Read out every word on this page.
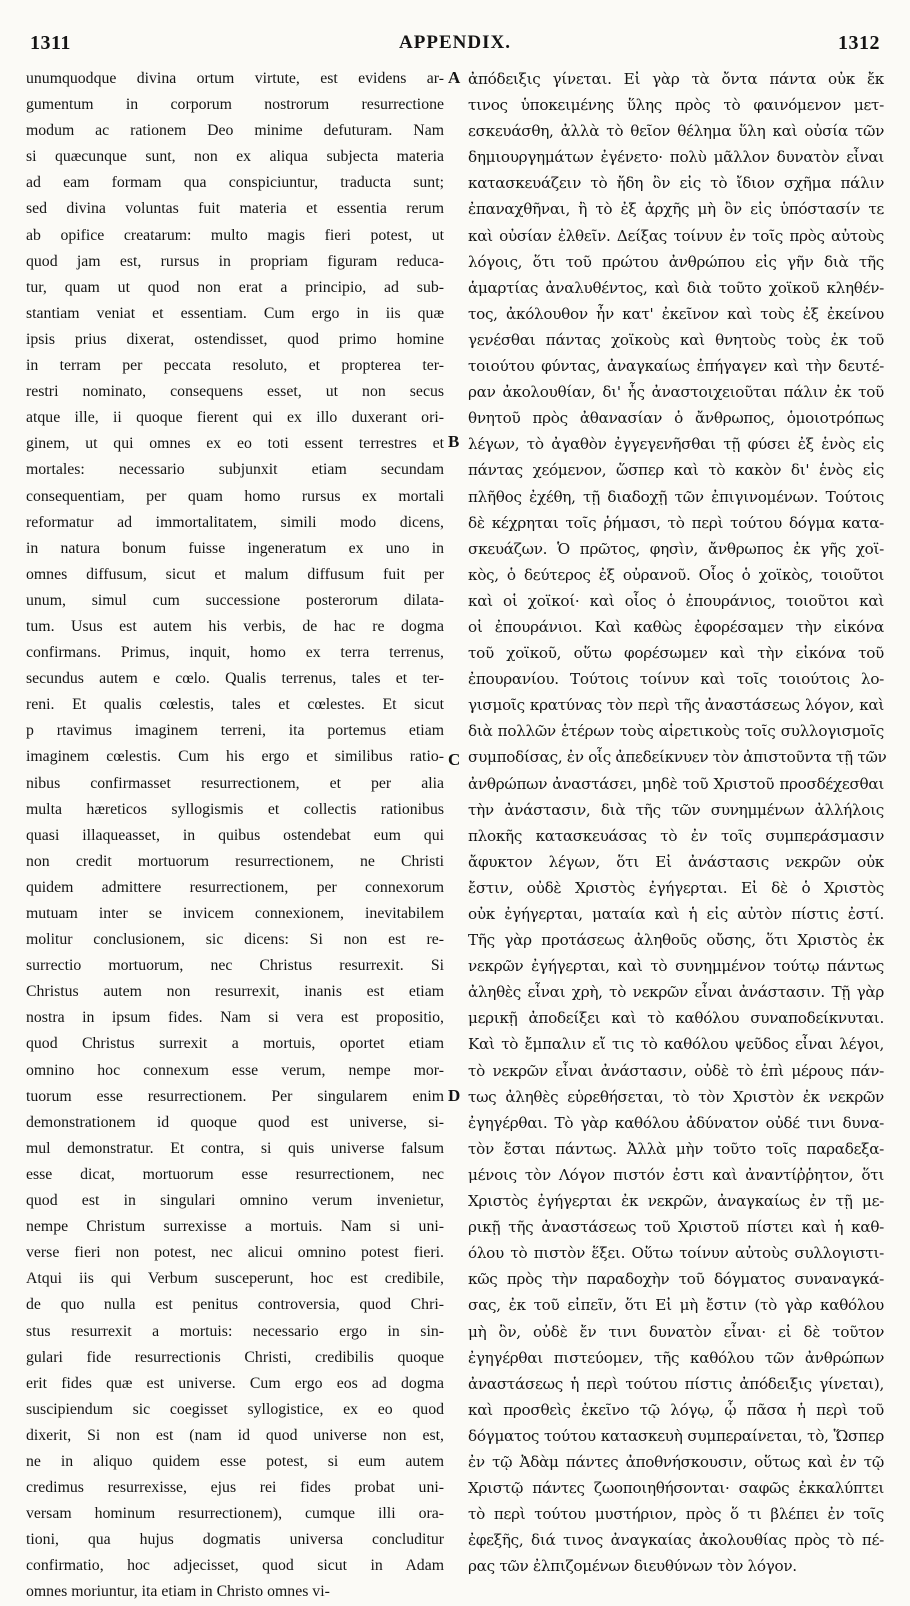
1311	APPENDIX.	1312
unumquodque divina ortum virtute, est evidens ar-
gumentum in corporum nostrorum resurrectione
modum ac rationem Deo minime defuturam. Nam
si quæcunque sunt, non ex aliqua subjecta materia
ad eam formam qua conspiciuntur, traducta sunt;
sed divina voluntas fuit materia et essentia rerum
ab opifice creatarum: multo magis fieri potest, ut
quod jam est, rursus in propriam figuram reduca-
tur, quam ut quod non erat a principio, ad sub-
stantiam veniat et essentiam. Cum ergo in iis quæ
ipsis prius dixerat, ostendisset, quod primo homine
in terram per peccata resoluto, et propterea ter-
restri nominato, consequens esset, ut non secus
atque ille, ii quoque fierent qui ex illo duxerant ori-
ginem, ut qui omnes ex eo toti essent terrestres et
mortales: necessario subjunxit etiam secundam
consequentiam, per quam homo rursus ex mortali
reformatur ad immortalitatem, simili modo dicens,
in natura bonum fuisse ingeneratum ex uno in
omnes diffusum, sicut et malum diffusum fuit per
unum, simul cum successione posterorum dilata-
tum. Usus est autem his verbis, de hac re dogma
confirmans. Primus, inquit, homo ex terra terrenus,
secundus autem e cœlo. Qualis terrenus, tales et ter-
reni. Et qualis cœlestis, tales et cœlestes. Et sicut
p rtavimus imaginem terreni, ita portemus etiam
imaginem cœlestis. Cum his ergo et similibus ratio-
nibus confirmasset resurrectionem, et per alia
multa hæreticos syllogismis et collectis rationibus
quasi illaqueasset, in quibus ostendebat eum qui
non credit mortuorum resurrectionem, ne Christi
quidem admittere resurrectionem, per connexorum
mutuam inter se invicem connexionem, inevitabilem
molitur conclusionem, sic dicens: Si non est re-
surrectio mortuorum, nec Christus resurrexit. Si
Christus autem non resurrexit, inanis est etiam
nostra in ipsum fides. Nam si vera est propositio,
quod Christus surrexit a mortuis, oportet etiam
omnino hoc connexum esse verum, nempe mor-
tuorum esse resurrectionem. Per singularem enim
demonstrationem id quoque quod est universe, si-
mul demonstratur. Et contra, si quis universe falsum
esse dicat, mortuorum esse resurrectionem, nec
quod est in singulari omnino verum invenietur,
nempe Christum surrexisse a mortuis. Nam si uni-
verse fieri non potest, nec alicui omnino potest fieri.
Atqui iis qui Verbum susceperunt, hoc est credibile,
de quo nulla est penitus controversia, quod Chri-
stus resurrexit a mortuis: necessario ergo in sin-
gulari fide resurrectionis Christi, credibilis quoque
erit fides quæ est universe. Cum ergo eos ad dogma
suscipiendum sic coegisset syllogistice, ex eo quod
dixerit, Si non est (nam id quod universe non est,
ne in aliquo quidem esse potest, si eum autem
credimus resurrexisse, ejus rei fides probat uni-
versam hominum resurrectionem), cumque illi ora-
tioni, qua hujus dogmatis universa concluditur
confirmatio, hoc adjecisset, quod sicut in Adam
omnes moriuntur, ita etiam in Christo omnes vi-
A
B
C
D
ἀπόδειξις γίνεται. Εἰ γὰρ τὰ ὄντα πάντα οὐκ ἔκ
τινος ὑποκειμένης ὕλης πρὸς τὸ φαινόμενον μετ-
εσκευάσθη, ἀλλὰ τὸ θεῖον θέλημα ὕλη καὶ οὐσία τῶν
δημιουργημάτων ἐγένετο· πολὺ μᾶλλον δυνατὸν εἶναι
κατασκευάζειν τὸ ἤδη ὂν εἰς τὸ ἴδιον σχῆμα πάλιν
ἐπαναχθῆναι, ἢ τὸ ἐξ ἀρχῆς μὴ ὂν εἰς ὑπόστασίν τε
καὶ οὐσίαν ἐλθεῖν. Δείξας τοίνυν ἐν τοῖς πρὸς αὐτοὺς
λόγοις, ὅτι τοῦ πρώτου ἀνθρώπου εἰς γῆν διὰ τῆς
ἁμαρτίας ἀναλυθέντος, καὶ διὰ τοῦτο χοϊκοῦ κληθέν-
τος, ἀκόλουθον ἦν κατ' ἐκεῖνον καὶ τοὺς ἐξ ἐκείνου
γενέσθαι πάντας χοϊκοὺς καὶ θνητοὺς τοὺς ἐκ τοῦ
τοιούτου φύντας, ἀναγκαίως ἐπήγαγεν καὶ τὴν δευτέ-
ραν ἀκολουθίαν, δι' ἧς ἀναστοιχειοῦται πάλιν ἐκ τοῦ
θνητοῦ πρὸς ἀθανασίαν ὁ ἄνθρωπος, ὁμοιοτρόπως
λέγων, τὸ ἀγαθὸν ἐγγεγενῆσθαι τῇ φύσει ἐξ ἑνὸς εἰς
πάντας χεόμενον, ὥσπερ καὶ τὸ κακὸν δι' ἑνὸς εἰς
πλῆθος ἐχέθη, τῇ διαδοχῇ τῶν ἐπιγινομένων. Τούτοις
δὲ κέχρηται τοῖς ῥήμασι, τὸ περὶ τούτου δόγμα κατα-
σκευάζων. Ὁ πρῶτος, φησὶν, ἄνθρωπος ἐκ γῆς χοϊ-
κὸς, ὁ δεύτερος ἐξ οὐρανοῦ. Οἷος ὁ χοϊκὸς, τοιοῦτοι
καὶ οἱ χοϊκοί· καὶ οἷος ὁ ἐπουράνιος, τοιοῦτοι καὶ
οἱ ἐπουράνιοι. Καὶ καθὼς ἐφορέσαμεν τὴν εἰκόνα
τοῦ χοϊκοῦ, οὕτω φορέσωμεν καὶ τὴν εἰκόνα τοῦ
ἐπουρανίου. Τούτοις τοίνυν καὶ τοῖς τοιούτοις λο-
γισμοῖς κρατύνας τὸν περὶ τῆς ἀναστάσεως λόγον, καὶ
διὰ πολλῶν ἑτέρων τοὺς αἱρετικοὺς τοῖς συλλογισμοῖς
συμποδίσας, ἐν οἷς ἀπεδείκνυεν τὸν ἀπιστοῦντα τῇ τῶν
ἀνθρώπων ἀναστάσει, μηδὲ τοῦ Χριστοῦ προσδέχεσθαι
τὴν ἀνάστασιν, διὰ τῆς τῶν συνημμένων ἀλλήλοις
πλοκῆς κατασκευάσας τὸ ἐν τοῖς συμπεράσμασιν
ἄφυκτον λέγων, ὅτι Εἰ ἀνάστασις νεκρῶν οὐκ
ἔστιν, οὐδὲ Χριστὸς ἐγήγερται. Εἰ δὲ ὁ Χριστὸς
οὐκ ἐγήγερται, ματαία καὶ ἡ εἰς αὐτὸν πίστις ἐστί.
Τῆς γὰρ προτάσεως ἀληθοῦς οὔσης, ὅτι Χριστὸς ἐκ
νεκρῶν ἐγήγερται, καὶ τὸ συνημμένον τούτῳ πάντως
ἀληθὲς εἶναι χρὴ, τὸ νεκρῶν εἶναι ἀνάστασιν. Τῇ γὰρ
μερικῇ ἀποδείξει καὶ τὸ καθόλου συναποδείκνυται.
Καὶ τὸ ἔμπαλιν εἴ τις τὸ καθόλου ψεῦδος εἶναι λέγοι,
τὸ νεκρῶν εἶναι ἀνάστασιν, οὐδὲ τὸ ἐπὶ μέρους πάν-
τως ἀληθὲς εὑρεθήσεται, τὸ τὸν Χριστὸν ἐκ νεκρῶν
ἐγηγέρθαι. Τὸ γὰρ καθόλου ἀδύνατον οὐδέ τινι δυνα-
τὸν ἔσται πάντως. Ἀλλὰ μὴν τοῦτο τοῖς παραδεξα-
μένοις τὸν Λόγον πιστόν ἐστι καὶ ἀναντίῤῥητον, ὅτι
Χριστὸς ἐγήγερται ἐκ νεκρῶν, ἀναγκαίως ἐν τῇ με-
ρικῇ τῆς ἀναστάσεως τοῦ Χριστοῦ πίστει καὶ ἡ καθ-
όλου τὸ πιστὸν ἕξει. Οὕτω τοίνυν αὐτοὺς συλλογιστι-
κῶς πρὸς τὴν παραδοχὴν τοῦ δόγματος συναναγκά-
σας, ἐκ τοῦ εἰπεῖν, ὅτι Εἰ μὴ ἔστιν (τὸ γὰρ καθόλου
μὴ ὂν, οὐδὲ ἔν τινι δυνατὸν εἶναι· εἰ δὲ τοῦτον
ἐγηγέρθαι πιστεύομεν, τῆς καθόλου τῶν ἀνθρώπων
ἀναστάσεως ἡ περὶ τούτου πίστις ἀπόδειξις γίνεται),
καὶ προσθεὶς ἐκεῖνο τῷ λόγῳ, ᾧ πᾶσα ἡ περὶ τοῦ
δόγματος τούτου κατασκευὴ συμπεραίνεται, τὸ, Ὥσπερ
ἐν τῷ Ἀδὰμ πάντες ἀποθνήσκουσιν, οὕτως καὶ ἐν τῷ
Χριστῷ πάντες ζωοποιηθήσονται· σαφῶς ἐκκαλύπτει
τὸ περὶ τούτου μυστήριον, πρὸς ὅ τι βλέπει ἐν τοῖς
ἐφεξῆς, διά τινος ἀναγκαίας ἀκολουθίας πρὸς τὸ πέ-
ρας τῶν ἐλπιζομένων διευθύνων τὸν λόγον.
